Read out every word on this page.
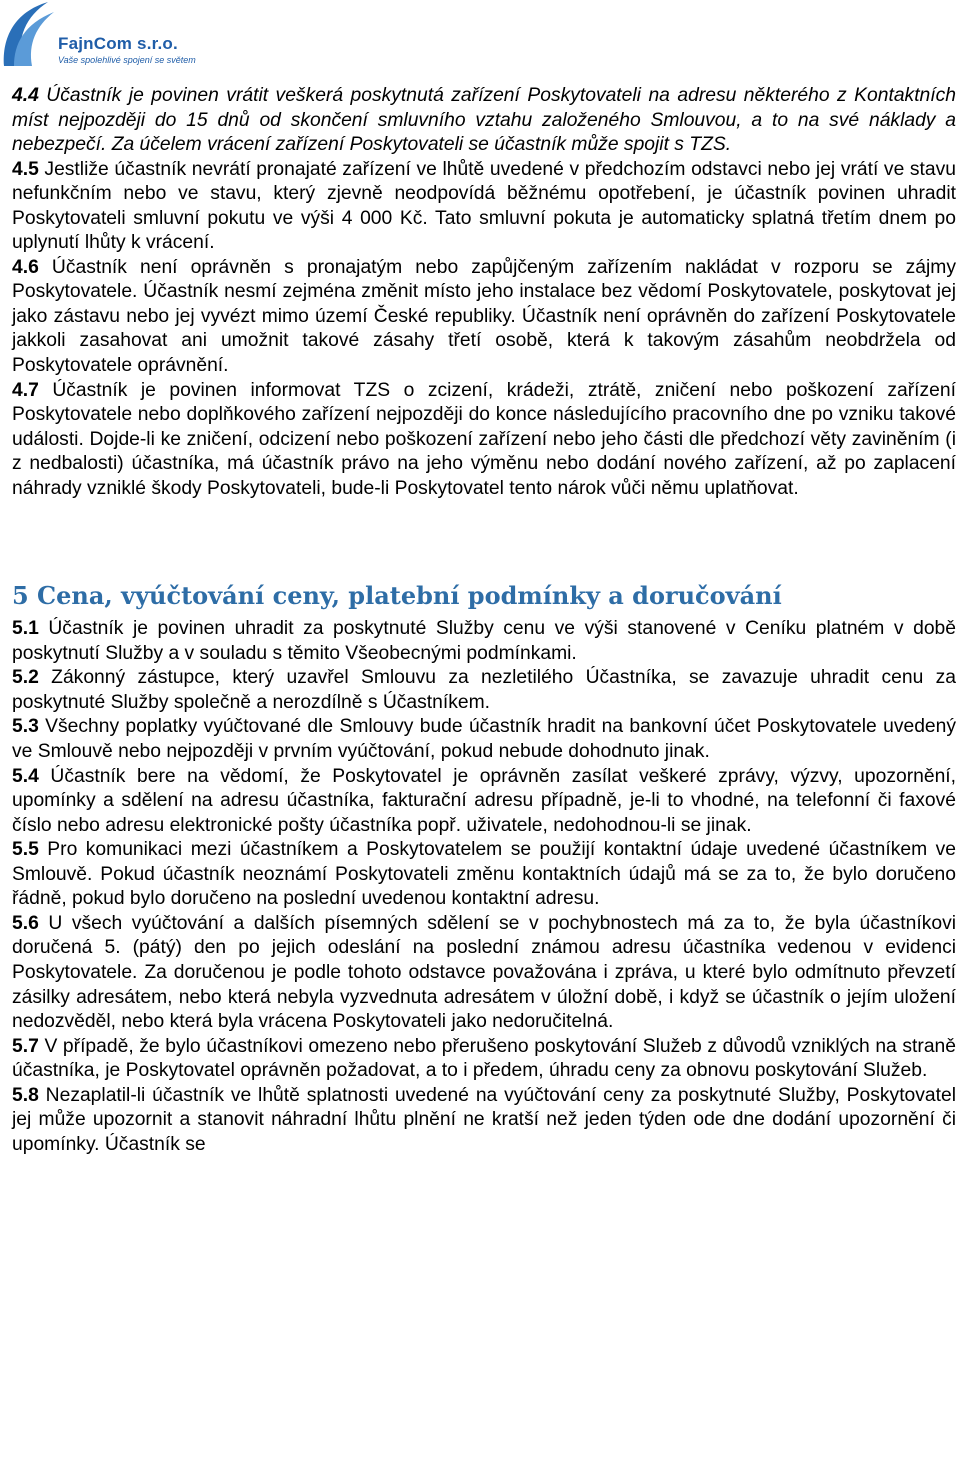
FajnCom s.r.o.
Vaše spolehlivé spojení se světem

4.4 Účastník je povinen vrátit veškerá poskytnutá zařízení Poskytovateli na adresu některého z Kontaktních míst nejpozději do 15 dnů od skončení smluvního vztahu založeného Smlouvou, a to na své náklady a nebezpečí. Za účelem vrácení zařízení Poskytovateli se účastník může spojit s TZS.

4.5 Jestliže účastník nevrátí pronajaté zařízení ve lhůtě uvedené v předchozím odstavci nebo jej vrátí ve stavu nefunkčním nebo ve stavu, který zjevně neodpovídá běžnému opotřebení, je účastník povinen uhradit Poskytovateli smluvní pokutu ve výši 4 000 Kč. Tato smluvní pokuta je automaticky splatná třetím dnem po uplynutí lhůty k vrácení.

4.6 Účastník není oprávněn s pronajatým nebo zapůjčeným zařízením nakládat v rozporu se zájmy Poskytovatele. Účastník nesmí zejména změnit místo jeho instalace bez vědomí Poskytovatele, poskytovat jej jako zástavu nebo jej vyvézt mimo území České republiky. Účastník není oprávněn do zařízení Poskytovatele jakkoli zasahovat ani umožnit takové zásahy třetí osobě, která k takovým zásahům neobdržela od Poskytovatele oprávnění.

4.7 Účastník je povinen informovat TZS o zcizení, krádeži, ztrátě, zničení nebo poškození zařízení Poskytovatele nebo doplňkového zařízení nejpozději do konce následujícího pracovního dne po vzniku takové události. Dojde-li ke zničení, odcizení nebo poškození zařízení nebo jeho části dle předchozí věty zaviněním (i z nedbalosti) účastníka, má účastník právo na jeho výměnu nebo dodání nového zařízení, až po zaplacení náhrady vzniklé škody Poskytovateli, bude-li Poskytovatel tento nárok vůči němu uplatňovat.

5 Cena, vyúčtování ceny, platební podmínky a doručování

5.1 Účastník je povinen uhradit za poskytnuté Služby cenu ve výši stanovené v Ceníku platném v době poskytnutí Služby a v souladu s těmito Všeobecnými podmínkami.

5.2 Zákonný zástupce, který uzavřel Smlouvu za nezletilého Účastníka, se zavazuje uhradit cenu za poskytnuté Služby společně a nerozdílně s Účastníkem.

5.3 Všechny poplatky vyúčtované dle Smlouvy bude účastník hradit na bankovní účet Poskytovatele uvedený ve Smlouvě nebo nejpozději v prvním vyúčtování, pokud nebude dohodnuto jinak.

5.4 Účastník bere na vědomí, že Poskytovatel je oprávněn zasílat veškeré zprávy, výzvy, upozornění, upomínky a sdělení na adresu účastníka, fakturační adresu případně, je-li to vhodné, na telefonní či faxové číslo nebo adresu elektronické pošty účastníka popř. uživatele, nedohodnou-li se jinak.

5.5 Pro komunikaci mezi účastníkem a Poskytovatelem se použijí kontaktní údaje uvedené účastníkem ve Smlouvě. Pokud účastník neoznámí Poskytovateli změnu kontaktních údajů má se za to, že bylo doručeno řádně, pokud bylo doručeno na poslední uvedenou kontaktní adresu.

5.6 U všech vyúčtování a dalších písemných sdělení se v pochybnostech má za to, že byla účastníkovi doručená 5. (pátý) den po jejich odeslání na poslední známou adresu účastníka vedenou v evidenci Poskytovatele. Za doručenou je podle tohoto odstavce považována i zpráva, u které bylo odmítnuto převzetí zásilky adresátem, nebo která nebyla vyzvednuta adresátem v úložní době, i když se účastník o jejím uložení nedozvěděl, nebo která byla vrácena Poskytovateli jako nedoručitelná.

5.7 V případě, že bylo účastníkovi omezeno nebo přerušeno poskytování Služeb z důvodů vzniklých na straně účastníka, je Poskytovatel oprávněn požadovat, a to i předem, úhradu ceny za obnovu poskytování Služeb.

5.8 Nezaplatil-li účastník ve lhůtě splatnosti uvedené na vyúčtování ceny za poskytnuté Služby, Poskytovatel jej může upozornit a stanovit náhradní lhůtu plnění ne kratší než jeden týden ode dne dodání upozornění či upomínky. Účastník se
